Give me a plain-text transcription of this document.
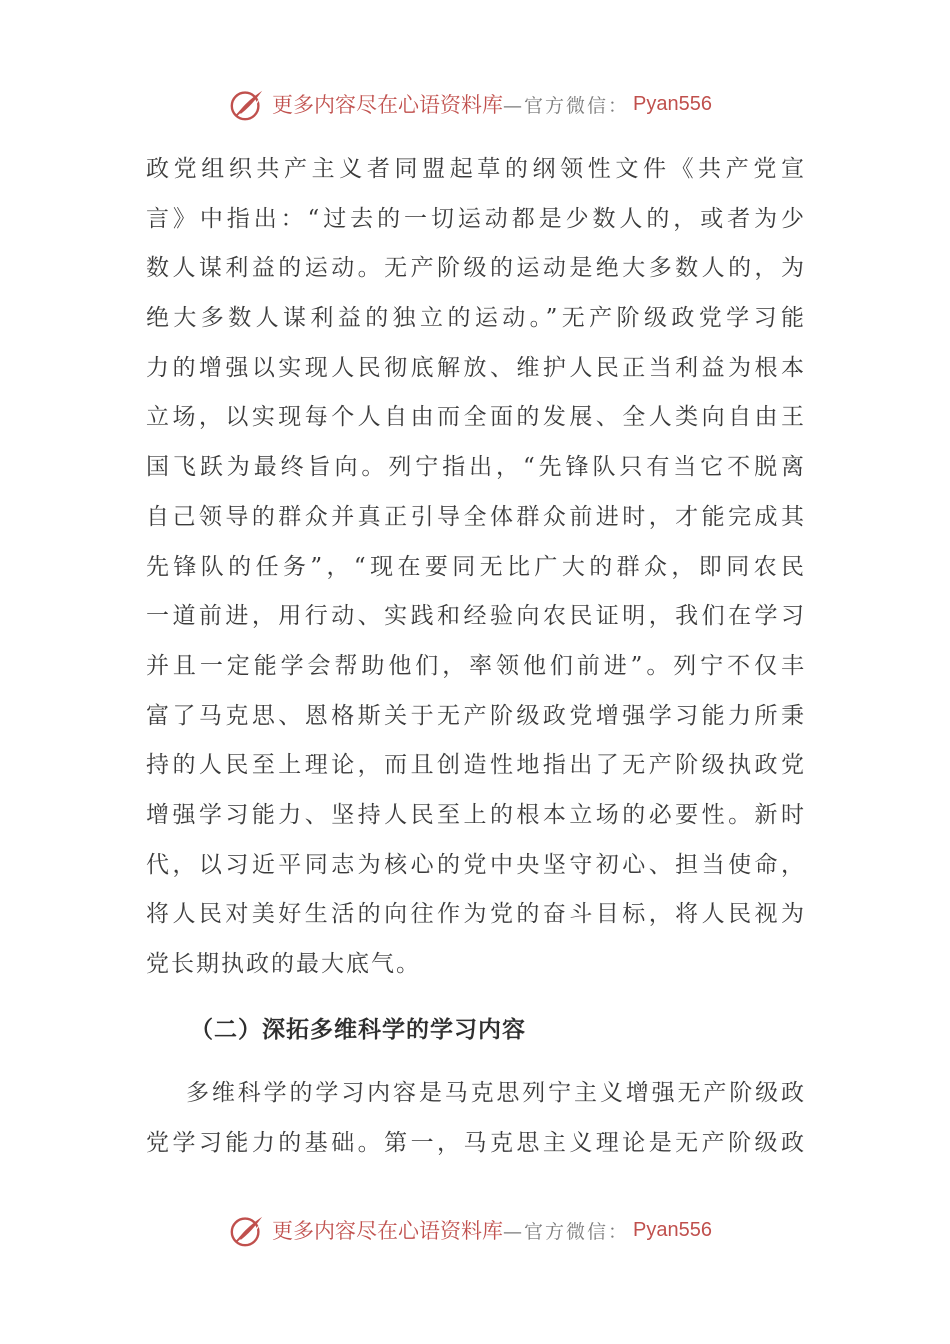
更多内容尽在心语资料库 —官方微信： Pyan556
政党组织共产主义者同盟起草的纲领性文件《共产党宣
言》中指出：“过去的一切运动都是少数人的，或者为少
数人谋利益的运动。无产阶级的运动是绝大多数人的，为
绝大多数人谋利益的独立的运动。”无产阶级政党学习能
力的增强以实现人民彻底解放、维护人民正当利益为根本
立场，以实现每个人自由而全面的发展、全人类向自由王
国飞跃为最终旨向。列宁指出，“先锋队只有当它不脱离
自己领导的群众并真正引导全体群众前进时，才能完成其
先锋队的任务”，“现在要同无比广大的群众，即同农民
一道前进，用行动、实践和经验向农民证明，我们在学习
并且一定能学会帮助他们，率领他们前进”。列宁不仅丰
富了马克思、恩格斯关于无产阶级政党增强学习能力所秉
持的人民至上理论，而且创造性地指出了无产阶级执政党
增强学习能力、坚持人民至上的根本立场的必要性。新时
代，以习近平同志为核心的党中央坚守初心、担当使命，
将人民对美好生活的向往作为党的奋斗目标，将人民视为
党长期执政的最大底气。
（二）深拓多维科学的学习内容
多维科学的学习内容是马克思列宁主义增强无产阶级政
党学习能力的基础。第一，马克思主义理论是无产阶级政
更多内容尽在心语资料库 —官方微信： Pyan556
